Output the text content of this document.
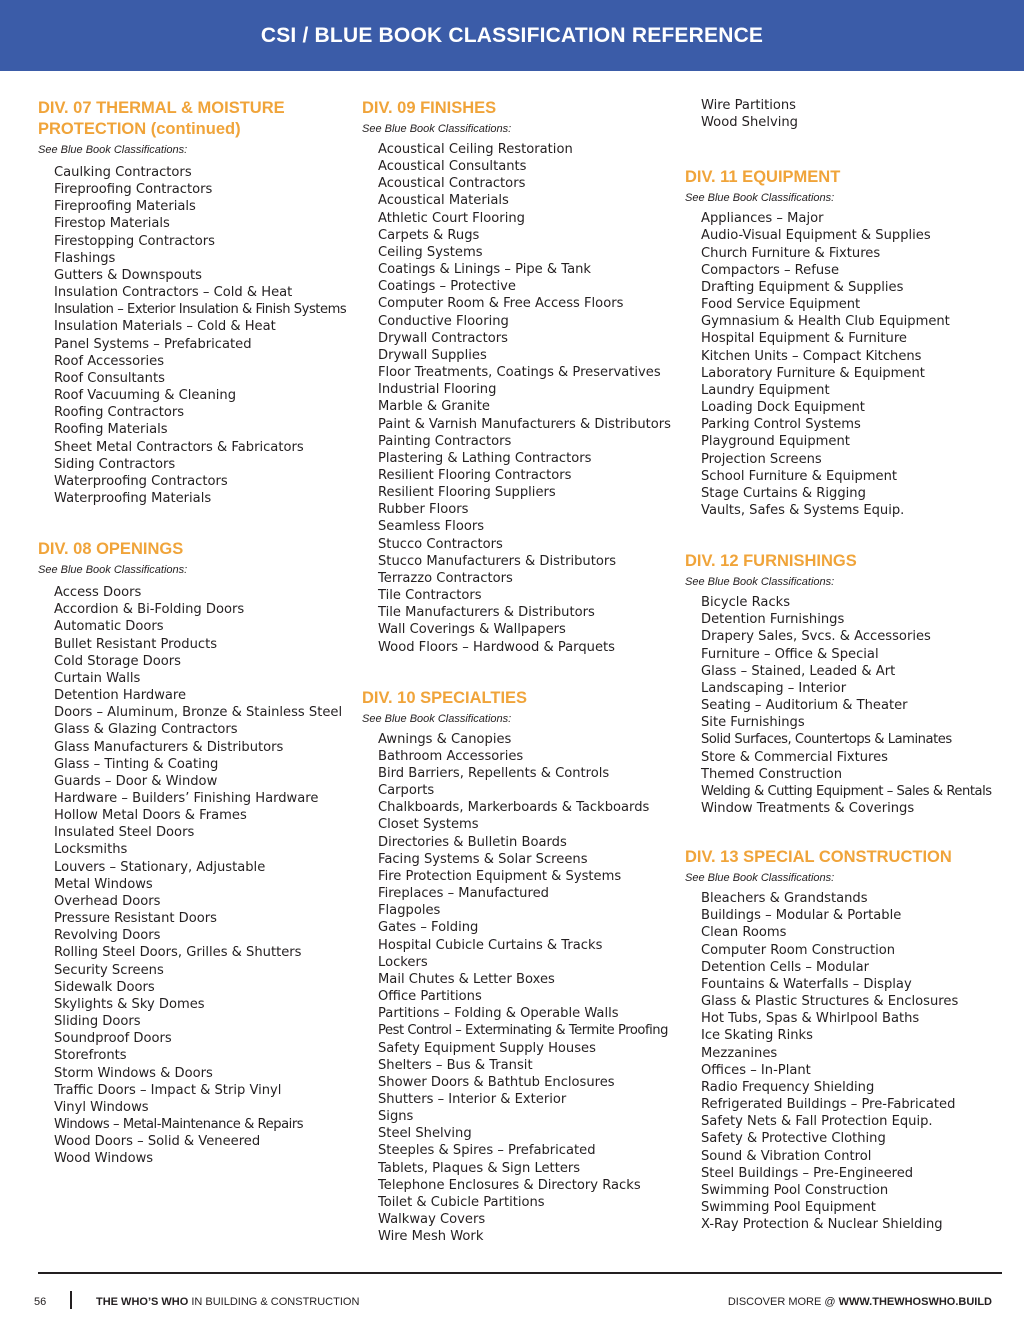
CSI / BLUE BOOK CLASSIFICATION REFERENCE
DIV. 07 THERMAL & MOISTURE PROTECTION (continued)
See Blue Book Classifications:
Caulking Contractors
Fireproofing Contractors
Fireproofing Materials
Firestop Materials
Firestopping Contractors
Flashings
Gutters & Downspouts
Insulation Contractors – Cold & Heat
Insulation – Exterior Insulation & Finish Systems
Insulation Materials – Cold & Heat
Panel Systems – Prefabricated
Roof Accessories
Roof Consultants
Roof Vacuuming & Cleaning
Roofing Contractors
Roofing Materials
Sheet Metal Contractors & Fabricators
Siding Contractors
Waterproofing Contractors
Waterproofing Materials
DIV. 08 OPENINGS
See Blue Book Classifications:
Access Doors
Accordion & Bi-Folding Doors
Automatic Doors
Bullet Resistant Products
Cold Storage Doors
Curtain Walls
Detention Hardware
Doors – Aluminum, Bronze & Stainless Steel
Glass & Glazing Contractors
Glass Manufacturers & Distributors
Glass – Tinting & Coating
Guards – Door & Window
Hardware – Builders’ Finishing Hardware
Hollow Metal Doors & Frames
Insulated Steel Doors
Locksmiths
Louvers – Stationary, Adjustable
Metal Windows
Overhead Doors
Pressure Resistant Doors
Revolving Doors
Rolling Steel Doors, Grilles & Shutters
Security Screens
Sidewalk Doors
Skylights & Sky Domes
Sliding Doors
Soundproof Doors
Storefronts
Storm Windows & Doors
Traffic Doors – Impact & Strip Vinyl
Vinyl Windows
Windows – Metal-Maintenance & Repairs
Wood Doors – Solid & Veneered
Wood Windows
DIV. 09 FINISHES
See Blue Book Classifications:
Acoustical Ceiling Restoration
Acoustical Consultants
Acoustical Contractors
Acoustical Materials
Athletic Court Flooring
Carpets & Rugs
Ceiling Systems
Coatings & Linings – Pipe & Tank
Coatings – Protective
Computer Room & Free Access Floors
Conductive Flooring
Drywall Contractors
Drywall Supplies
Floor Treatments, Coatings & Preservatives
Industrial Flooring
Marble & Granite
Paint & Varnish Manufacturers & Distributors
Painting Contractors
Plastering & Lathing Contractors
Resilient Flooring Contractors
Resilient Flooring Suppliers
Rubber Floors
Seamless Floors
Stucco Contractors
Stucco Manufacturers & Distributors
Terrazzo Contractors
Tile Contractors
Tile Manufacturers & Distributors
Wall Coverings & Wallpapers
Wood Floors – Hardwood & Parquets
DIV. 10 SPECIALTIES
See Blue Book Classifications:
Awnings & Canopies
Bathroom Accessories
Bird Barriers, Repellents & Controls
Carports
Chalkboards, Markerboards & Tackboards
Closet Systems
Directories & Bulletin Boards
Facing Systems & Solar Screens
Fire Protection Equipment & Systems
Fireplaces – Manufactured
Flagpoles
Gates – Folding
Hospital Cubicle Curtains & Tracks
Lockers
Mail Chutes & Letter Boxes
Office Partitions
Partitions – Folding & Operable Walls
Pest Control – Exterminating & Termite Proofing
Safety Equipment Supply Houses
Shelters – Bus & Transit
Shower Doors & Bathtub Enclosures
Shutters – Interior & Exterior
Signs
Steel Shelving
Steeples & Spires – Prefabricated
Tablets, Plaques & Sign Letters
Telephone Enclosures & Directory Racks
Toilet & Cubicle Partitions
Walkway Covers
Wire Mesh Work
Wire Partitions
Wood Shelving
DIV. 11 EQUIPMENT
See Blue Book Classifications:
Appliances – Major
Audio-Visual Equipment & Supplies
Church Furniture & Fixtures
Compactors – Refuse
Drafting Equipment & Supplies
Food Service Equipment
Gymnasium & Health Club Equipment
Hospital Equipment & Furniture
Kitchen Units – Compact Kitchens
Laboratory Furniture & Equipment
Laundry Equipment
Loading Dock Equipment
Parking Control Systems
Playground Equipment
Projection Screens
School Furniture & Equipment
Stage Curtains & Rigging
Vaults, Safes & Systems Equip.
DIV. 12 FURNISHINGS
See Blue Book Classifications:
Bicycle Racks
Detention Furnishings
Drapery Sales, Svcs. & Accessories
Furniture – Office & Special
Glass – Stained, Leaded & Art
Landscaping – Interior
Seating – Auditorium & Theater
Site Furnishings
Solid Surfaces, Countertops & Laminates
Store & Commercial Fixtures
Themed Construction
Welding & Cutting Equipment – Sales & Rentals
Window Treatments & Coverings
DIV. 13 SPECIAL CONSTRUCTION
See Blue Book Classifications:
Bleachers & Grandstands
Buildings – Modular & Portable
Clean Rooms
Computer Room Construction
Detention Cells – Modular
Fountains & Waterfalls – Display
Glass & Plastic Structures & Enclosures
Hot Tubs, Spas & Whirlpool Baths
Ice Skating Rinks
Mezzanines
Offices – In-Plant
Radio Frequency Shielding
Refrigerated Buildings – Pre-Fabricated
Safety Nets & Fall Protection Equip.
Safety & Protective Clothing
Sound & Vibration Control
Steel Buildings – Pre-Engineered
Swimming Pool Construction
Swimming Pool Equipment
X-Ray Protection & Nuclear Shielding
56	THE WHO’S WHO IN BUILDING & CONSTRUCTION	DISCOVER MORE @ WWW.THEWHOSWHO.BUILD
